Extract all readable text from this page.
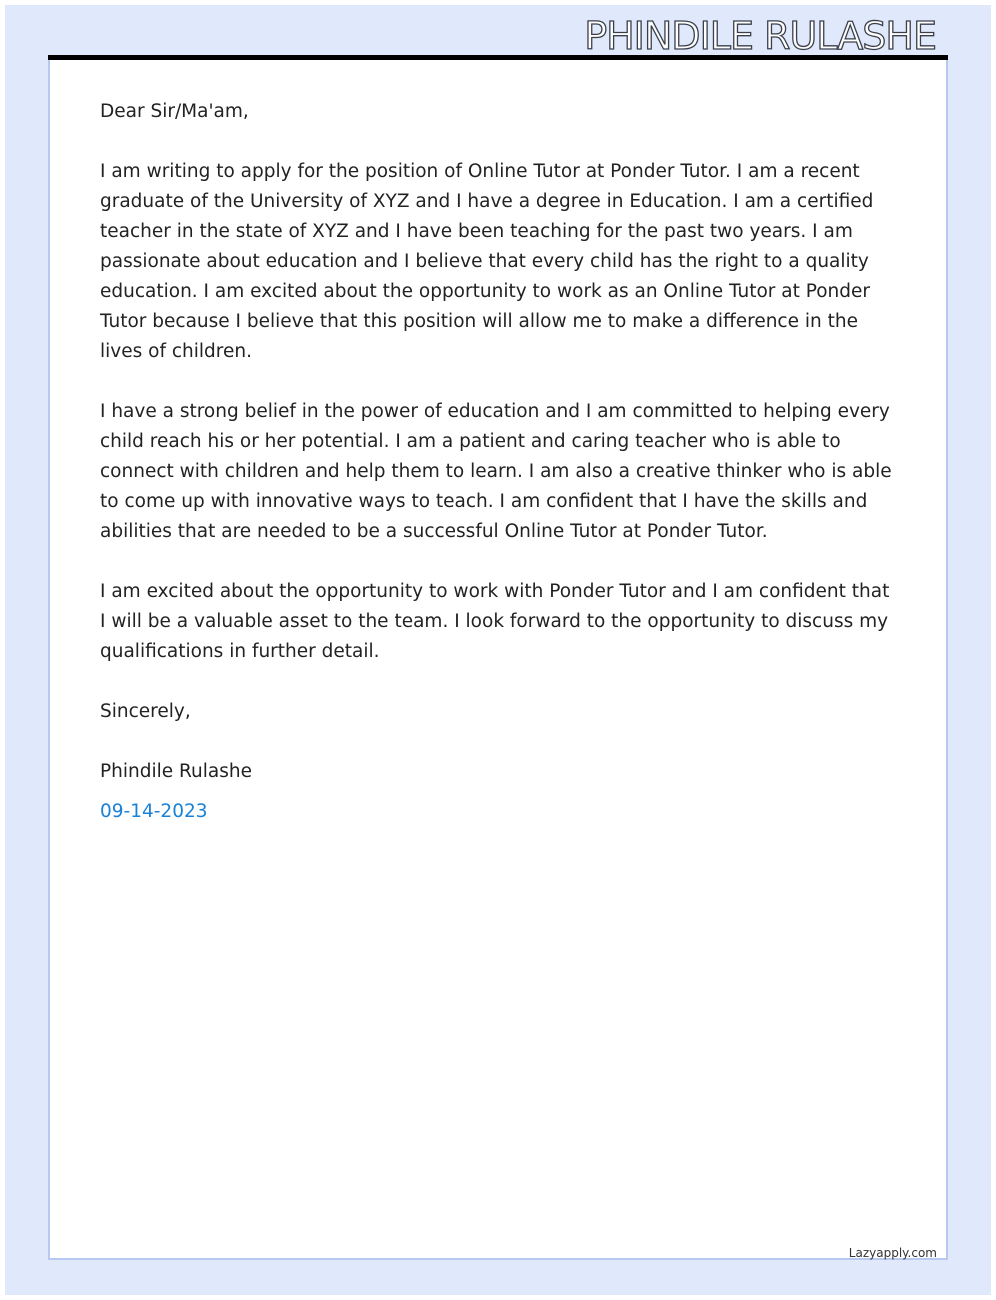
PHINDILE RULASHE

Dear Sir/Ma'am,

I am writing to apply for the position of Online Tutor at Ponder Tutor. I am a recent graduate of the University of XYZ and I have a degree in Education. I am a certified teacher in the state of XYZ and I have been teaching for the past two years. I am passionate about education and I believe that every child has the right to a quality education. I am excited about the opportunity to work as an Online Tutor at Ponder Tutor because I believe that this position will allow me to make a difference in the lives of children.

I have a strong belief in the power of education and I am committed to helping every child reach his or her potential. I am a patient and caring teacher who is able to connect with children and help them to learn. I am also a creative thinker who is able to come up with innovative ways to teach. I am confident that I have the skills and abilities that are needed to be a successful Online Tutor at Ponder Tutor.

I am excited about the opportunity to work with Ponder Tutor and I am confident that I will be a valuable asset to the team. I look forward to the opportunity to discuss my qualifications in further detail.

Sincerely,

Phindile Rulashe

09-14-2023

Lazyapply.com
